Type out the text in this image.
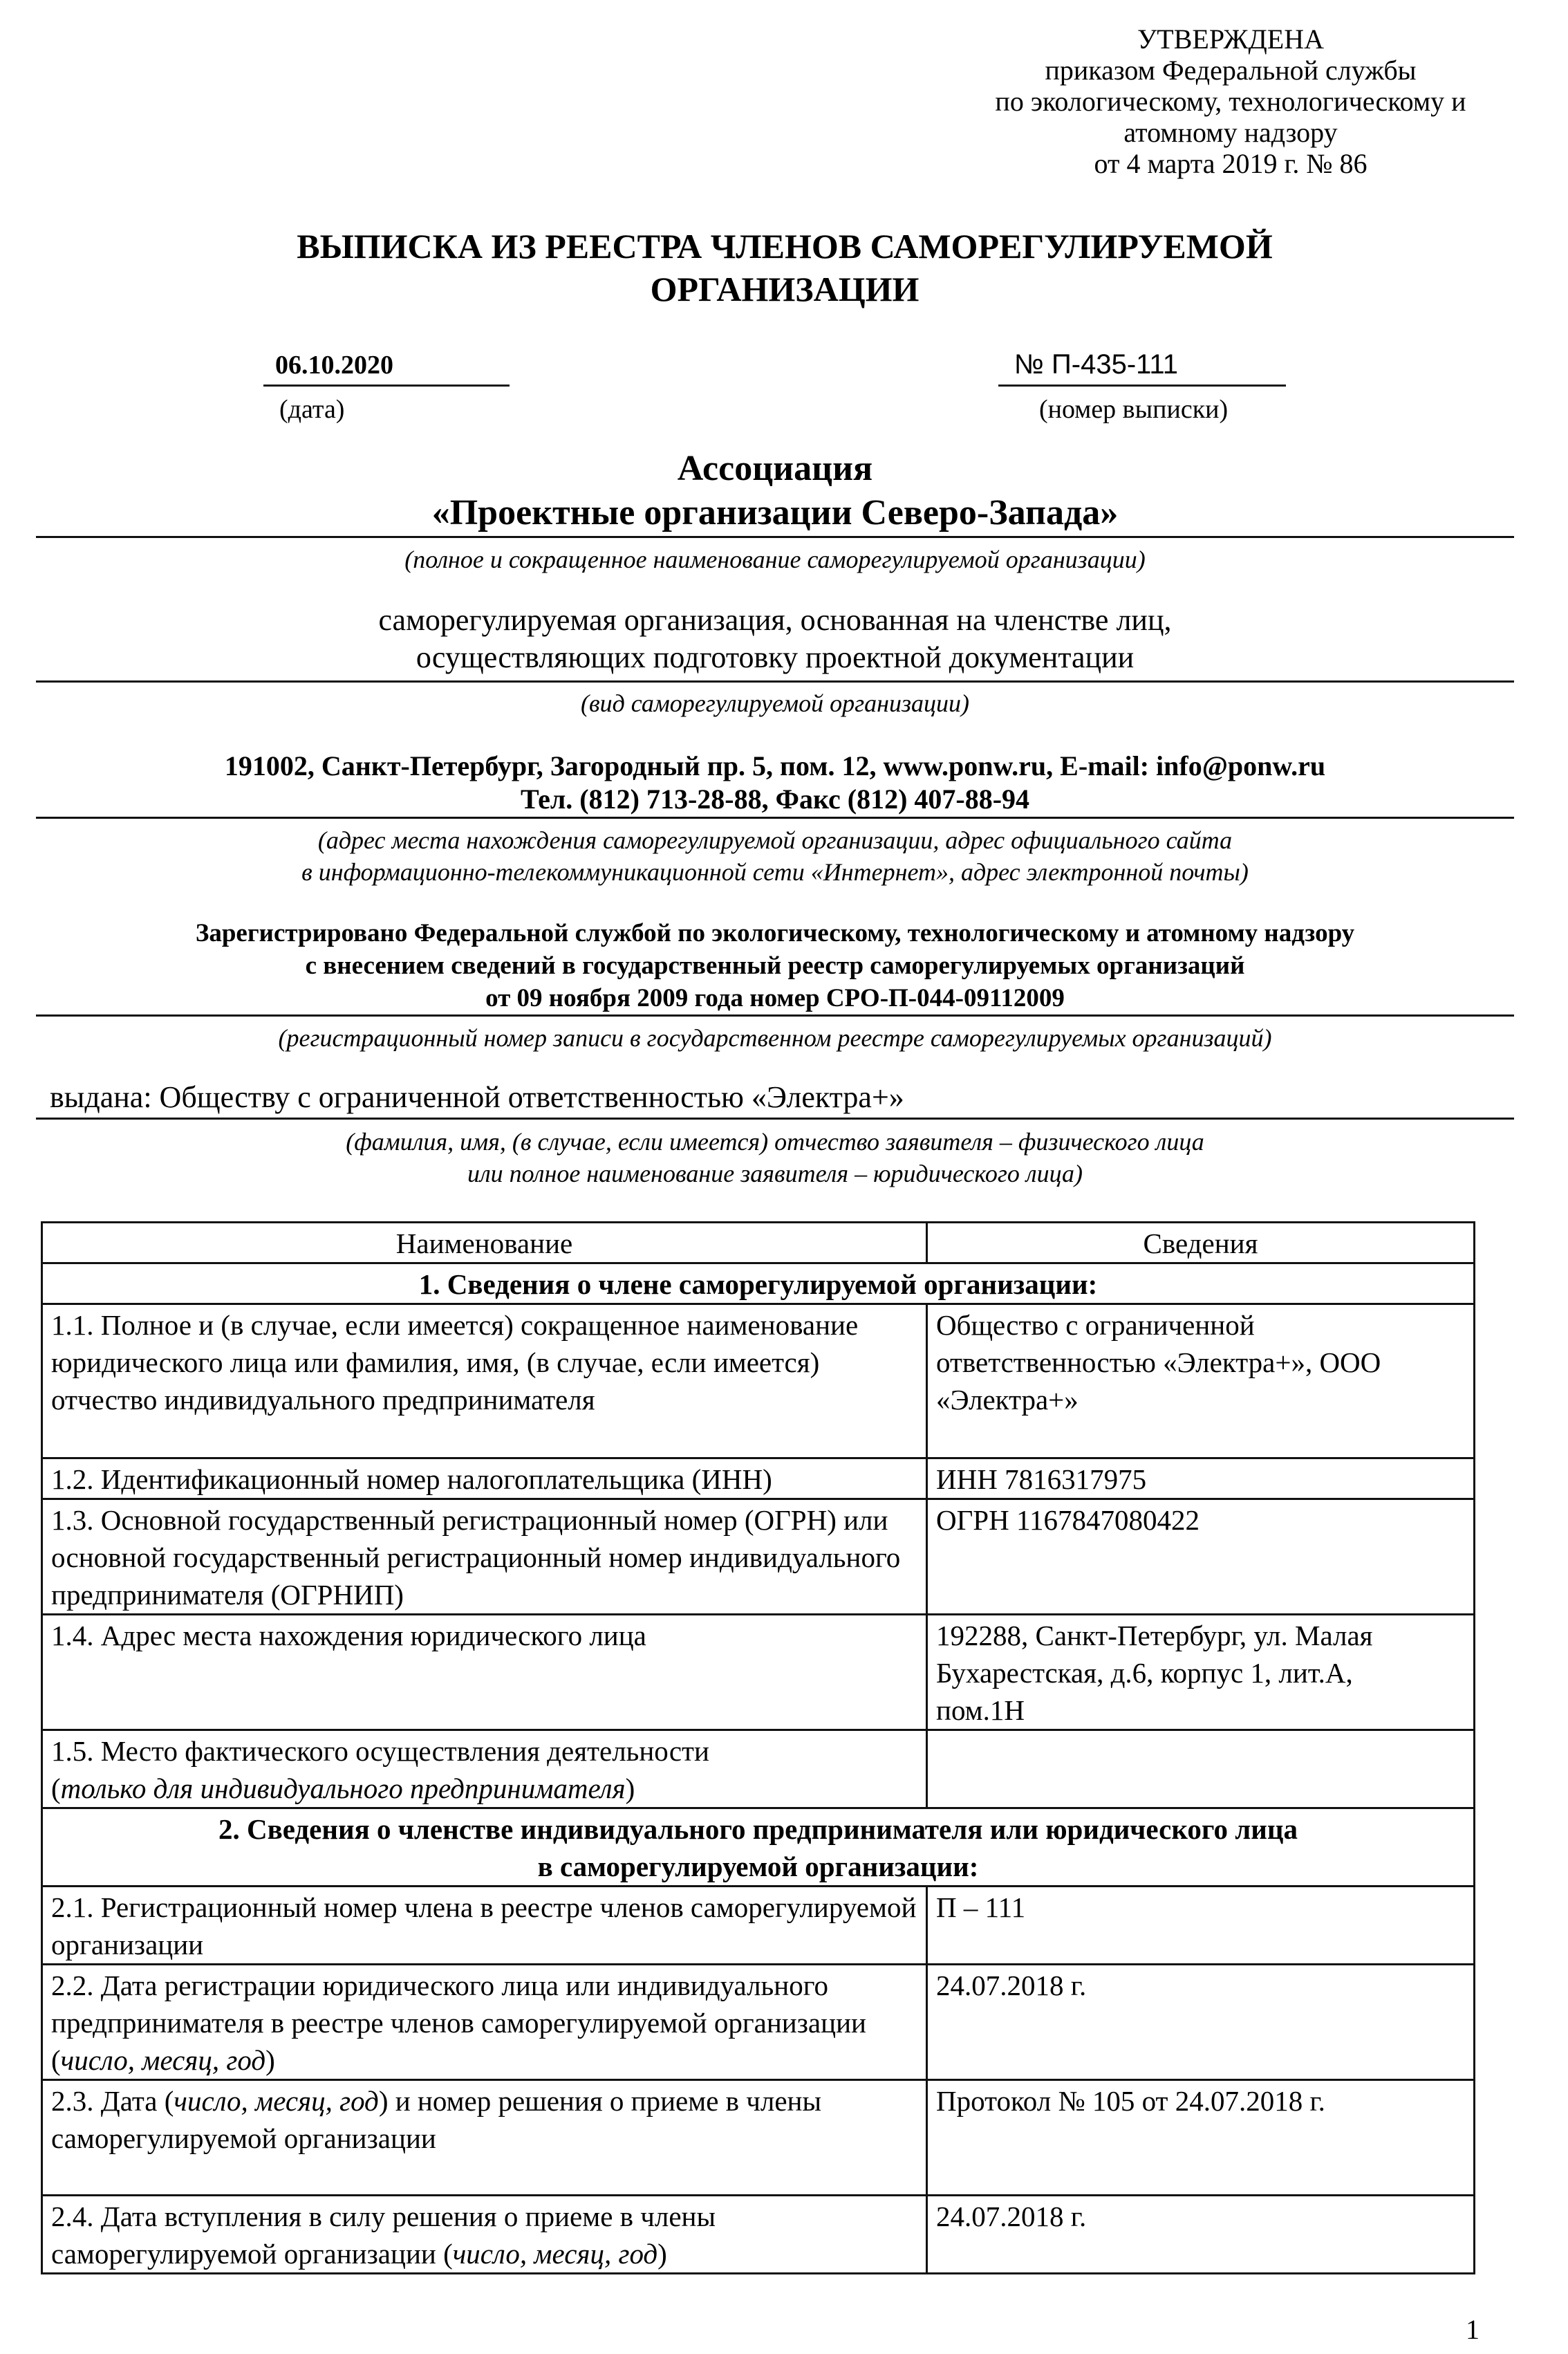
УТВЕРЖДЕНА
приказом Федеральной службы
по экологическому, технологическому и
атомному надзору
от 4 марта 2019 г. № 86
ВЫПИСКА ИЗ РЕЕСТРА ЧЛЕНОВ САМОРЕГУЛИРУЕМОЙ
ОРГАНИЗАЦИИ
06.10.2020
(дата)
№ П-435-111
(номер выписки)
Ассоциация
«Проектные организации Северо-Запада»
(полное и сокращенное наименование саморегулируемой организации)
саморегулируемая организация, основанная на членстве лиц,
осуществляющих подготовку проектной документации
(вид саморегулируемой организации)
191002, Санкт-Петербург, Загородный пр. 5, пом. 12, www.ponw.ru, E-mail: info@ponw.ru
Тел. (812) 713-28-88, Факс (812) 407-88-94
(адрес места нахождения саморегулируемой организации, адрес официального сайта
в информационно-телекоммуникационной сети «Интернет», адрес электронной почты)
Зарегистрировано Федеральной службой по экологическому, технологическому и атомному надзору
с внесением сведений в государственный реестр саморегулируемых организаций
от 09 ноября 2009 года номер СРО-П-044-09112009
(регистрационный номер записи в государственном реестре саморегулируемых организаций)
выдана: Обществу с ограниченной ответственностью «Электра+»
(фамилия, имя, (в случае, если имеется) отчество заявителя – физического лица
или полное наименование заявителя – юридического лица)
Наименование	Сведения
1. Сведения о члене саморегулируемой организации:	
1.1. Полное и (в случае, если имеется) сокращенное наименование юридического лица или фамилия, имя, (в случае, если имеется) отчество индивидуального предпринимателя	Общество с ограниченной ответственностью «Электра+», ООО «Электра+»
1.2. Идентификационный номер налогоплательщика (ИНН)	ИНН 7816317975
1.3. Основной государственный регистрационный номер (ОГРН) или основной государственный регистрационный номер индивидуального предпринимателя (ОГРНИП)	ОГРН 1167847080422
1.4. Адрес места нахождения юридического лица	192288, Санкт-Петербург, ул. Малая Бухарестская, д.6, корпус 1, лит.А, пом.1Н
1.5. Место фактического осуществления деятельности
(только для индивидуального предпринимателя)	

2. Сведения о членстве индивидуального предпринимателя или юридического лица
в саморегулируемой организации:	

2.1. Регистрационный номер члена в реестре членов саморегулируемой организации	П – 111
2.2. Дата регистрации юридического лица или индивидуального предпринимателя в реестре членов саморегулируемой организации (число, месяц, год)	24.07.2018 г.
2.3. Дата (число, месяц, год) и номер решения о приеме в члены саморегулируемой организации	Протокол № 105 от 24.07.2018 г.
2.4. Дата вступления в силу решения о приеме в члены саморегулируемой организации (число, месяц, год)	24.07.2018 г.
1
